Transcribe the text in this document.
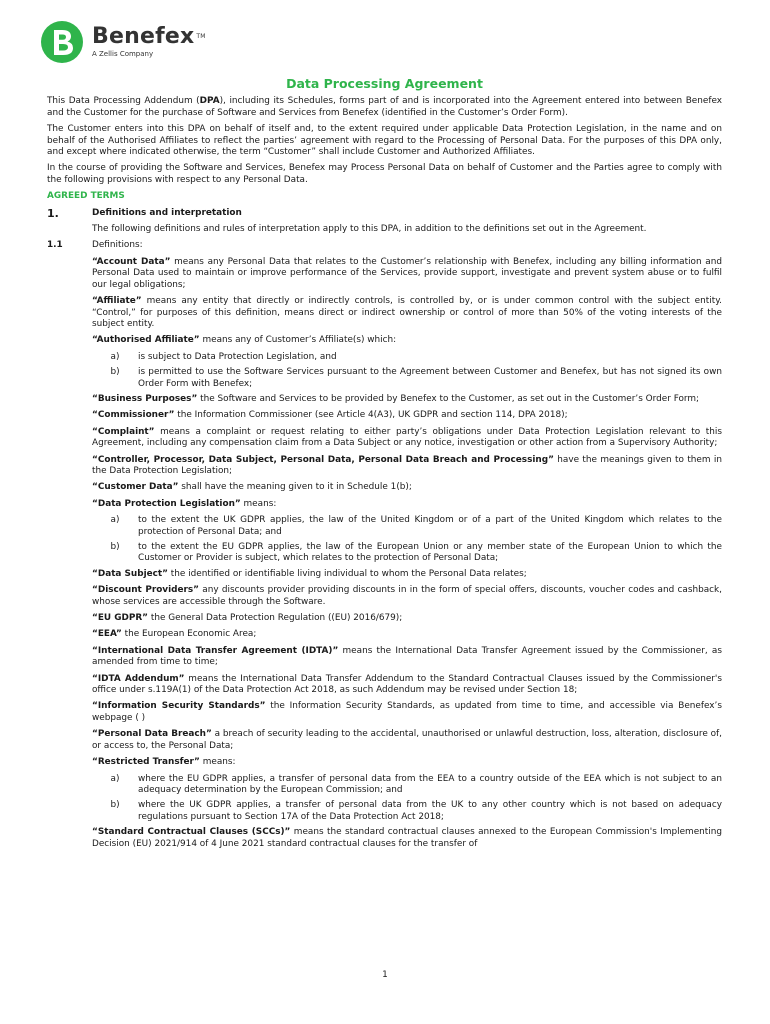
Benefex ™
A Zellis Company
Data Processing Agreement

This Data Processing Addendum (DPA), including its Schedules, forms part of and is incorporated into the Agreement entered into between Benefex and the Customer for the purchase of Software and Services from Benefex (identified in the Customer’s Order Form).

The Customer enters into this DPA on behalf of itself and, to the extent required under applicable Data Protection Legislation, in the name and on behalf of the Authorised Affiliates to reflect the parties’ agreement with regard to the Processing of Personal Data. For the purposes of this DPA only, and except where indicated otherwise, the term “Customer” shall include Customer and Authorized Affiliates.

In the course of providing the Software and Services, Benefex may Process Personal Data on behalf of Customer and the Parties agree to comply with the following provisions with respect to any Personal Data.

AGREED TERMS
1.	Definitions and interpretation
The following definitions and rules of interpretation apply to this DPA, in addition to the definitions set out in the Agreement.
1.1	Definitions:
“Account Data” means any Personal Data that relates to the Customer’s relationship with Benefex, including any billing information and Personal Data used to maintain or improve performance of the Services, provide support, investigate and prevent system abuse or to fulfil our legal obligations;
“Affiliate” means any entity that directly or indirectly controls, is controlled by, or is under common control with the subject entity. “Control,” for purposes of this definition, means direct or indirect ownership or control of more than 50% of the voting interests of the subject entity.
“Authorised Affiliate” means any of Customer’s Affiliate(s) which:
a)	is subject to Data Protection Legislation, and
b)	is permitted to use the Software Services pursuant to the Agreement between Customer and Benefex, but has not signed its own Order Form with Benefex;
“Business Purposes” the Software and Services to be provided by Benefex to the Customer, as set out in the Customer’s Order Form;
“Commissioner” the Information Commissioner (see Article 4(A3), UK GDPR and section 114, DPA 2018);
“Complaint” means a complaint or request relating to either party’s obligations under Data Protection Legislation relevant to this Agreement, including any compensation claim from a Data Subject or any notice, investigation or other action from a Supervisory Authority;
“Controller, Processor, Data Subject, Personal Data, Personal Data Breach and Processing” have the meanings given to them in the Data Protection Legislation;
“Customer Data” shall have the meaning given to it in Schedule 1(b);
“Data Protection Legislation” means:
a)	to the extent the UK GDPR applies, the law of the United Kingdom or of a part of the United Kingdom which relates to the protection of Personal Data; and
b)	to the extent the EU GDPR applies, the law of the European Union or any member state of the European Union to which the Customer or Provider is subject, which relates to the protection of Personal Data;
“Data Subject” the identified or identifiable living individual to whom the Personal Data relates;
“Discount Providers” any discounts provider providing discounts in in the form of special offers, discounts, voucher codes and cashback, whose services are accessible through the Software.
“EU GDPR” the General Data Protection Regulation ((EU) 2016/679);
“EEA” the European Economic Area;
“International Data Transfer Agreement (IDTA)” means the International Data Transfer Agreement issued by the Commissioner, as amended from time to time;
“IDTA Addendum” means the International Data Transfer Addendum to the Standard Contractual Clauses issued by the Commissioner's office under s.119A(1) of the Data Protection Act 2018, as such Addendum may be revised under Section 18;
“Information Security Standards” the Information Security Standards, as updated from time to time, and accessible via Benefex’s webpage ( )
“Personal Data Breach” a breach of security leading to the accidental, unauthorised or unlawful destruction, loss, alteration, disclosure of, or access to, the Personal Data;
“Restricted Transfer” means:
a)	where the EU GDPR applies, a transfer of personal data from the EEA to a country outside of the EEA which is not subject to an adequacy determination by the European Commission; and
b)	where the UK GDPR applies, a transfer of personal data from the UK to any other country which is not based on adequacy regulations pursuant to Section 17A of the Data Protection Act 2018;
“Standard Contractual Clauses (SCCs)” means the standard contractual clauses annexed to the European Commission's Implementing Decision (EU) 2021/914 of 4 June 2021 standard contractual clauses for the transfer of
1
